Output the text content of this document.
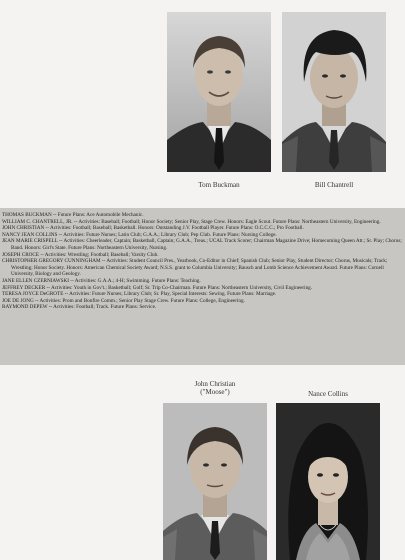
Tom Buckman	Bill Chantrell

THOMAS BUCKMAN -- Future Plans: Ace Automobile Mechanic.

WILLIAM C. CHANTRELL, JR. -- Activities: Baseball; Football; Honor Society; Senior Play, Stage Crew. Honors: Eagle Scout. Future Plans: Northeastern University, Engineering.

JOHN CHRISTIAN -- Activities: Football; Baseball; Basketball. Honors: Outstanding J.V. Football Player. Future Plans: O.C.C.C.; Pro Football.

NANCY JEAN COLLINS -- Activities: Future Nurses; Latin Club; G.A.A.; Library Club; Pep Club. Future Plans: Nursing College.

JEAN MARIE CRISPELL -- Activities: Cheerleader, Captain; Basketball, Captain; G.A.A., Treas.; UCAL Track Scorer; Chairman Magazine Drive; Homecoming Queen Att.; Sr. Play; Chorus; Band. Honors: Girl's State. Future Plans: Northeastern University, Nursing.

JOSEPH CROCE -- Activities: Wrestling; Football; Baseball; Varsity Club.

CHRISTOPHER GREGORY CUNNINGHAM -- Activities: Student Council Pres., Yearbook, Co-Editor in Chief; Spanish Club; Senior Play, Student Director; Chorus, Musicals; Track; Wrestling; Honor Society. Honors: American Chemical Society Award; N.S.S. grant to Columbia University; Bausch and Lomb Science Achievement Award. Future Plans: Cornell University, Biology and Geology.

JANE ELLEN CZERNIAWSKI -- Activities: G.A.A.; 4-H; Swimming. Future Plans: Teaching.

JEFFREY DECKER -- Activities: Youth in Gov't.; Basketball; Golf; Sr. Trip Co-Chairman. Future Plans: Northeastern University, Civil Engineering.

TERESA JOYCE DeGROTE -- Activities: Future Nurses; Library Club; Sr. Play, Special Interests: Sewing. Future Plans: Marriage.

JOE DE JONG -- Activities: Prom and Bonfire Comm.; Senior Play Stage Crew. Future Plans: College, Engineering.

RAYMOND DEPEW -- Activities: Football; Track. Future Plans: Service.

John Christian
("Moose")	Nance Collins
